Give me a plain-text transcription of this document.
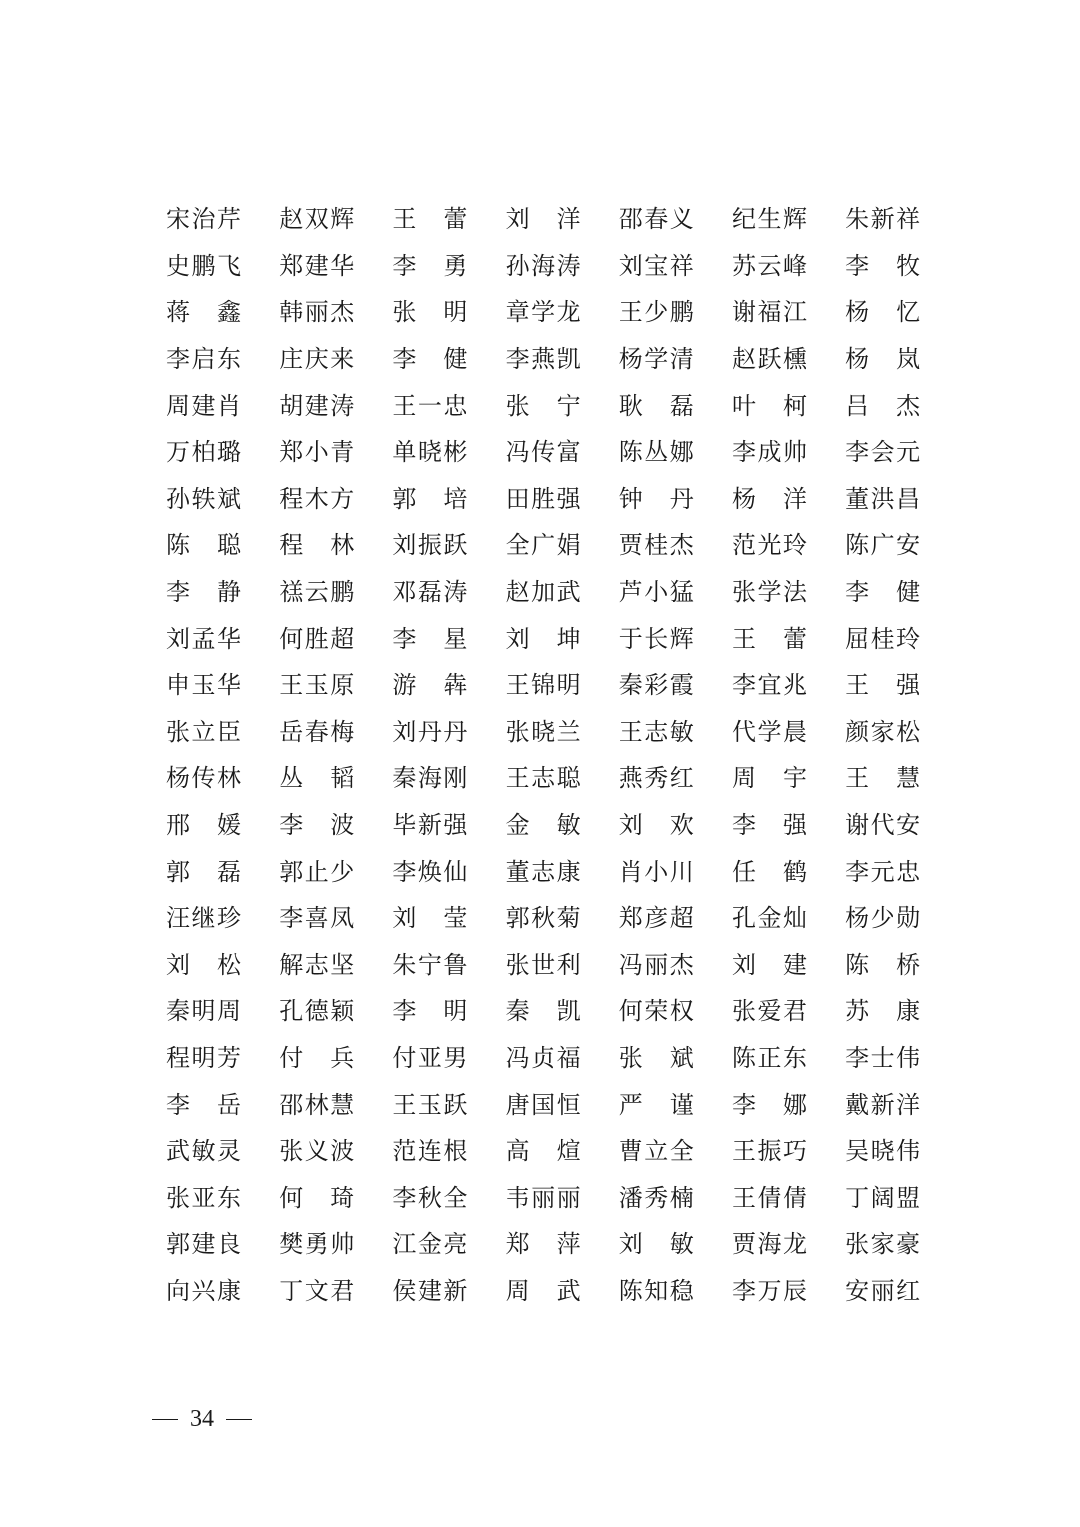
宋 治 芹 赵 双 辉 王 蕾 刘 洋 邵 春 义 纪 生 辉 朱 新 祥
史 鹏 飞 郑 建 华 李 勇 孙 海 涛 刘 宝 祥 苏 云 峰 李 牧
蒋 鑫 韩 丽 杰 张 明 章 学 龙 王 少 鹏 谢 福 江 杨 忆
李 启 东 庄 庆 来 李 健 李 燕 凯 杨 学 清 赵 跃 櫄 杨 岚
周 建 肖 胡 建 涛 王 一 忠 张 宁 耿 磊 叶 柯 吕 杰
万 柏 璐 郑 小 青 单 晓 彬 冯 传 富 陈 丛 娜 李 成 帅 李 会 元
孙 轶 斌 程 木 方 郭 培 田 胜 强 钟 丹 杨 洋 董 洪 昌
陈 聪 程 林 刘 振 跃 全 广 娟 贾 桂 杰 范 光 玲 陈 广 安
李 静 禚 云 鹏 邓 磊 涛 赵 加 武 芦 小 猛 张 学 法 李 健
刘 孟 华 何 胜 超 李 星 刘 坤 于 长 辉 王 蕾 屈 桂 玲
申 玉 华 王 玉 原 游 犇 王 锦 明 秦 彩 霞 李 宜 兆 王 强
张 立 臣 岳 春 梅 刘 丹 丹 张 晓 兰 王 志 敏 代 学 晨 颜 家 松
杨 传 林 丛 韬 秦 海 刚 王 志 聪 燕 秀 红 周 宇 王 慧
邢 媛 李 波 毕 新 强 金 敏 刘 欢 李 强 谢 代 安
郭 磊 郭 止 少 李 焕 仙 董 志 康 肖 小 川 任 鹤 李 元 忠
汪 继 珍 李 喜 凤 刘 莹 郭 秋 菊 郑 彦 超 孔 金 灿 杨 少 勋
刘 松 解 志 坚 朱 宁 鲁 张 世 利 冯 丽 杰 刘 建 陈 桥
秦 明 周 孔 德 颖 李 明 秦 凯 何 荣 权 张 爱 君 苏 康
程 明 芳 付 兵 付 亚 男 冯 贞 福 张 斌 陈 正 东 李 士 伟
李 岳 邵 林 慧 王 玉 跃 唐 国 恒 严 谨 李 娜 戴 新 洋
武 敏 灵 张 义 波 范 连 根 高 煊 曹 立 全 王 振 巧 吴 晓 伟
张 亚 东 何 琦 李 秋 全 韦 丽 丽 潘 秀 楠 王 倩 倩 丁 阔 盟
郭 建 良 樊 勇 帅 江 金 亮 郑 萍 刘 敏 贾 海 龙 张 家 豪
向 兴 康 丁 文 君 侯 建 新 周 武 陈 知 稳 李 万 辰 安 丽 红
34
